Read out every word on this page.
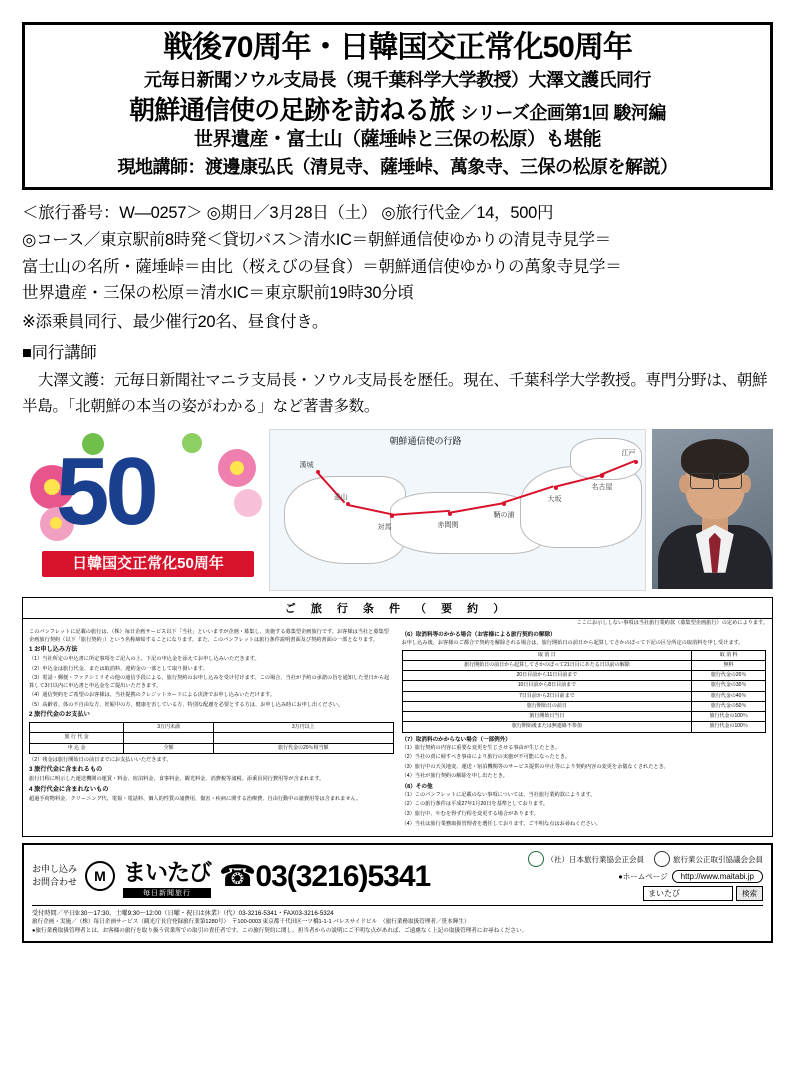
戦後70周年・日韓国交正常化50周年
元毎日新聞ソウル支局長（現千葉科学大学教授）大澤文護氏同行
朝鮮通信使の足跡を訪ねる旅 シリーズ企画第1回 駿河編
世界遺産・富士山（薩埵峠と三保の松原）も堪能
現地講師：渡邊康弘氏（清見寺、薩埵峠、萬象寺、三保の松原を解説）
＜旅行番号：W—0257＞ ◎期日／3月28日（土） ◎旅行代金／14，500円
◎コース／東京駅前8時発＜貸切バス＞清水IC＝朝鮮通信使ゆかりの清見寺見学＝
富士山の名所・薩埵峠＝由比（桜えびの昼食）＝朝鮮通信使ゆかりの萬象寺見学＝
世界遺産・三保の松原＝清水IC＝東京駅前19時30分頃
※添乗員同行、最少催行20名、昼食付き。
■同行講師
大澤文護：元毎日新聞社マニラ支局長・ソウル支局長を歴任。現在、千葉科学大学教授。専門分野は、朝鮮半島。「北朝鮮の本当の姿がわかる」など著書多数。
50
日韓国交正常化50周年
漢城
釜山
対馬	赤間関
鞆の浦
大坂
名古屋
江戸
朝鮮通信使の行路
ご 旅 行 条 件 （ 要 約 ）
ここにお示ししない事項は当社旅行業約款（募集型企画旅行）の定めによります。

このパンフレットに記載の旅行は、（株）毎日企画サービス以下「当社」といいますが企画・募集し、実施する募集型企画旅行です。お客様は当社と募集型企画旅行契約（以下「旅行契約」）という名称締結することになります。また、このパンフレットは旅行条件説明書面及び契約書面の一部となります。

1 お申し込み方法

（1）当社所定の申込書に所定事項をご記入の上、下記の申込金を添えてお申し込みいただきます。

（2）申込金は旅行代金、または取消料、違約金の一部として取り扱います。

（3）電話・郵便・ファクシミリその他の通信手段による、旅行契約のお申し込みを受け付けます。この場合、当社が予約の承諾の旨を通知した翌日から起算して3日以内に申込書と申込金をご提出いただきます。

（4）通信契約をご希望のお客様は、当社提携のクレジットカードによる決済でお申し込みいただけます。

（5）高齢者、体の不自由な方、妊娠中の方、健康を害している方、特別な配慮を必要とする方は、お申し込み時にお申し出ください。

2 旅行代金のお支払い

	3万円未満	3万円以上
旅 行 代 金		
申 込 金	全額	旅行代金の20％相当額

（2）残金は旅行開始日の前日までにお支払いいただきます。

3 旅行代金に含まれるもの

旅行日程に明示した運送機関の運賃・料金、宿泊料金、食事料金、観光料金、消費税等諸税、添乗員同行費用等が含まれます。

4 旅行代金に含まれないもの

超過手荷物料金、クリーニング代、電報・電話料、個人的性質の諸費用、傷害・疾病に関する治療費、自由行動中の諸費用等は含まれません。

（6）取消料等のかかる場合（お客様による旅行契約の解除）

お申し込み後、お客様のご都合で契約を解除される場合は、旅行開始日の前日から起算してさかのぼって下記の区分所定の取消料を申し受けます。

取 消 日	取 消 料
旅行開始日の前日から起算してさかのぼって21日目にあたる日以前の解除	無料
20日目前から11日目前まで	旅行代金の20％
10日目前から8日目前まで	旅行代金の30％
7日目前から2日目前まで	旅行代金の40％
旅行開始日の前日	旅行代金の50％
旅行開始日当日	旅行代金の100％
旅行開始後または無連絡不参加	旅行代金の100％

（7）取消料のかからない場合（一部例外）

（1）旅行契約の内容に重要な変更を生じさせる事由が生じたとき。

（2）当社の責に帰すべき事由により旅行の実施が不可能になったとき。

（3）旅行中の天災地変、運送・宿泊機関等のサービス提供の中止等により契約内容の変更を余儀なくされたとき。

（4）当社が旅行契約の解除を申し出たとき。

（8）その他

（1）このパンフレットに記載のない事項については、当社旅行業約款によります。

（2）この旅行条件は平成27年1月20日を基準としております。

（3）旅行中、やむを得ず行程を変更する場合があります。

（4）当社は旅行業務取扱管理者を選任しております。ご不明な点はお尋ねください。

お申し込み
お問合わせ	M まいたび
毎日新聞旅行
☎03(3216)5341
（社）日本旅行業協会正会員	旅行業公正取引協議会会員
●ホームページ	http://www.maitabi.jp
まいたび	検索
受付時間／平日9:30～17:30、土曜9:30～12:00（日曜・祝日は休業）（代）03-3216-5341・FAX03-3216-5324
旅行企画・実施／（株）毎日企画サービス（観光庁長官登録旅行業第1280号）　〒100-0003 東京都千代田区一ツ橋1-1-1 パレスサイドビル　（旅行業務取扱管理者／笹本輝生）
●旅行業務取扱管理者とは、お客様の旅行を取り扱う営業所での取引の責任者です。この旅行契約に関し、担当者からの説明にご不明な点があれば、ご遠慮なく上記の取扱管理者にお尋ねください。
